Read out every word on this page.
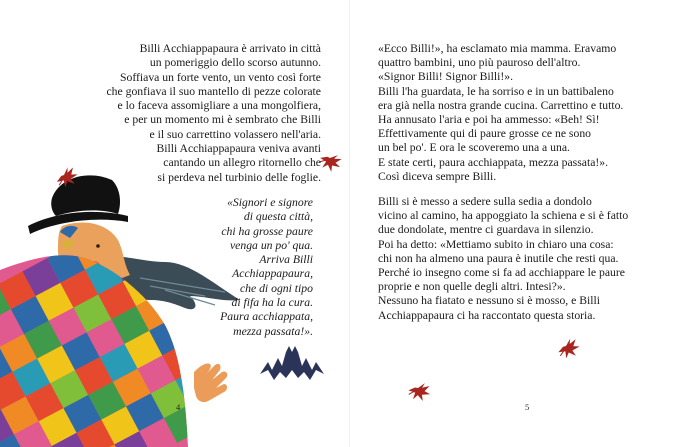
Billi Acchiappapaura è arrivato in città
un pomeriggio dello scorso autunno.
Soffiava un forte vento, un vento così forte
che gonfiava il suo mantello di pezze colorate
e lo faceva assomigliare a una mongolfiera,
e per un momento mi è sembrato che Billi
e il suo carrettino volassero nell'aria.
Billi Acchiappapaura veniva avanti
cantando un allegro ritornello che
si perdeva nel turbinio delle foglie.

«Signori e signore
di questa città,
chi ha grosse paure
venga un po' qua.
Arriva Billi
Acchiappapaura,
che di ogni tipo
di fifa ha la cura.
Paura acchiappata,
mezza passata!».

4

«Ecco Billi!», ha esclamato mia mamma. Eravamo
quattro bambini, uno più pauroso dell'altro.
«Signor Billi! Signor Billi!».
Billi l'ha guardata, le ha sorriso e in un battibaleno
era già nella nostra grande cucina. Carrettino e tutto.
Ha annusato l'aria e poi ha ammesso: «Beh! Sì!
Effettivamente qui di paure grosse ce ne sono
un bel po'. E ora le scoveremo una a una.
E state certi, paura acchiappata, mezza passata!».
Così diceva sempre Billi.

Billi si è messo a sedere sulla sedia a dondolo
vicino al camino, ha appoggiato la schiena e si è fatto
due dondolate, mentre ci guardava in silenzio.
Poi ha detto: «Mettiamo subito in chiaro una cosa:
chi non ha almeno una paura è inutile che resti qua.
Perché io insegno come si fa ad acchiappare le paure
proprie e non quelle degli altri. Intesi?».
Nessuno ha fiatato e nessuno si è mosso, e Billi
Acchiappapaura ci ha raccontato questa storia.

5
